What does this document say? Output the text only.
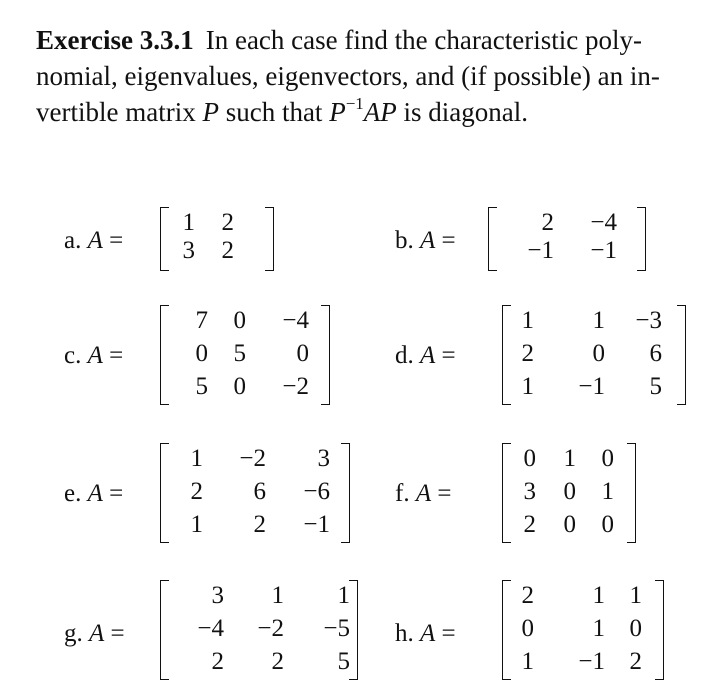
Exercise 3.3.1 In each case find the characteristic poly-
nomial, eigenvalues, eigenvectors, and (if possible) an in-
vertible matrix P such that $P^{-1}AP$ is diagonal.
a. A =
1 2
3 2	b. A =
2 −4
−1 −1
c. A =
7 0 −4
0 5 0
5 0 −2
d. A =
1 1 −3
2 0 6
1 −1 5
e. A =
1 −2 3
2 6 −6
1 2 −1
f. A =
0 1 0
3 0 1
2 0 0
g. A =
3 1 1
−4 −2 −5
2 2 5
h. A =
2 1 1
0 1 0
1 −1 2
